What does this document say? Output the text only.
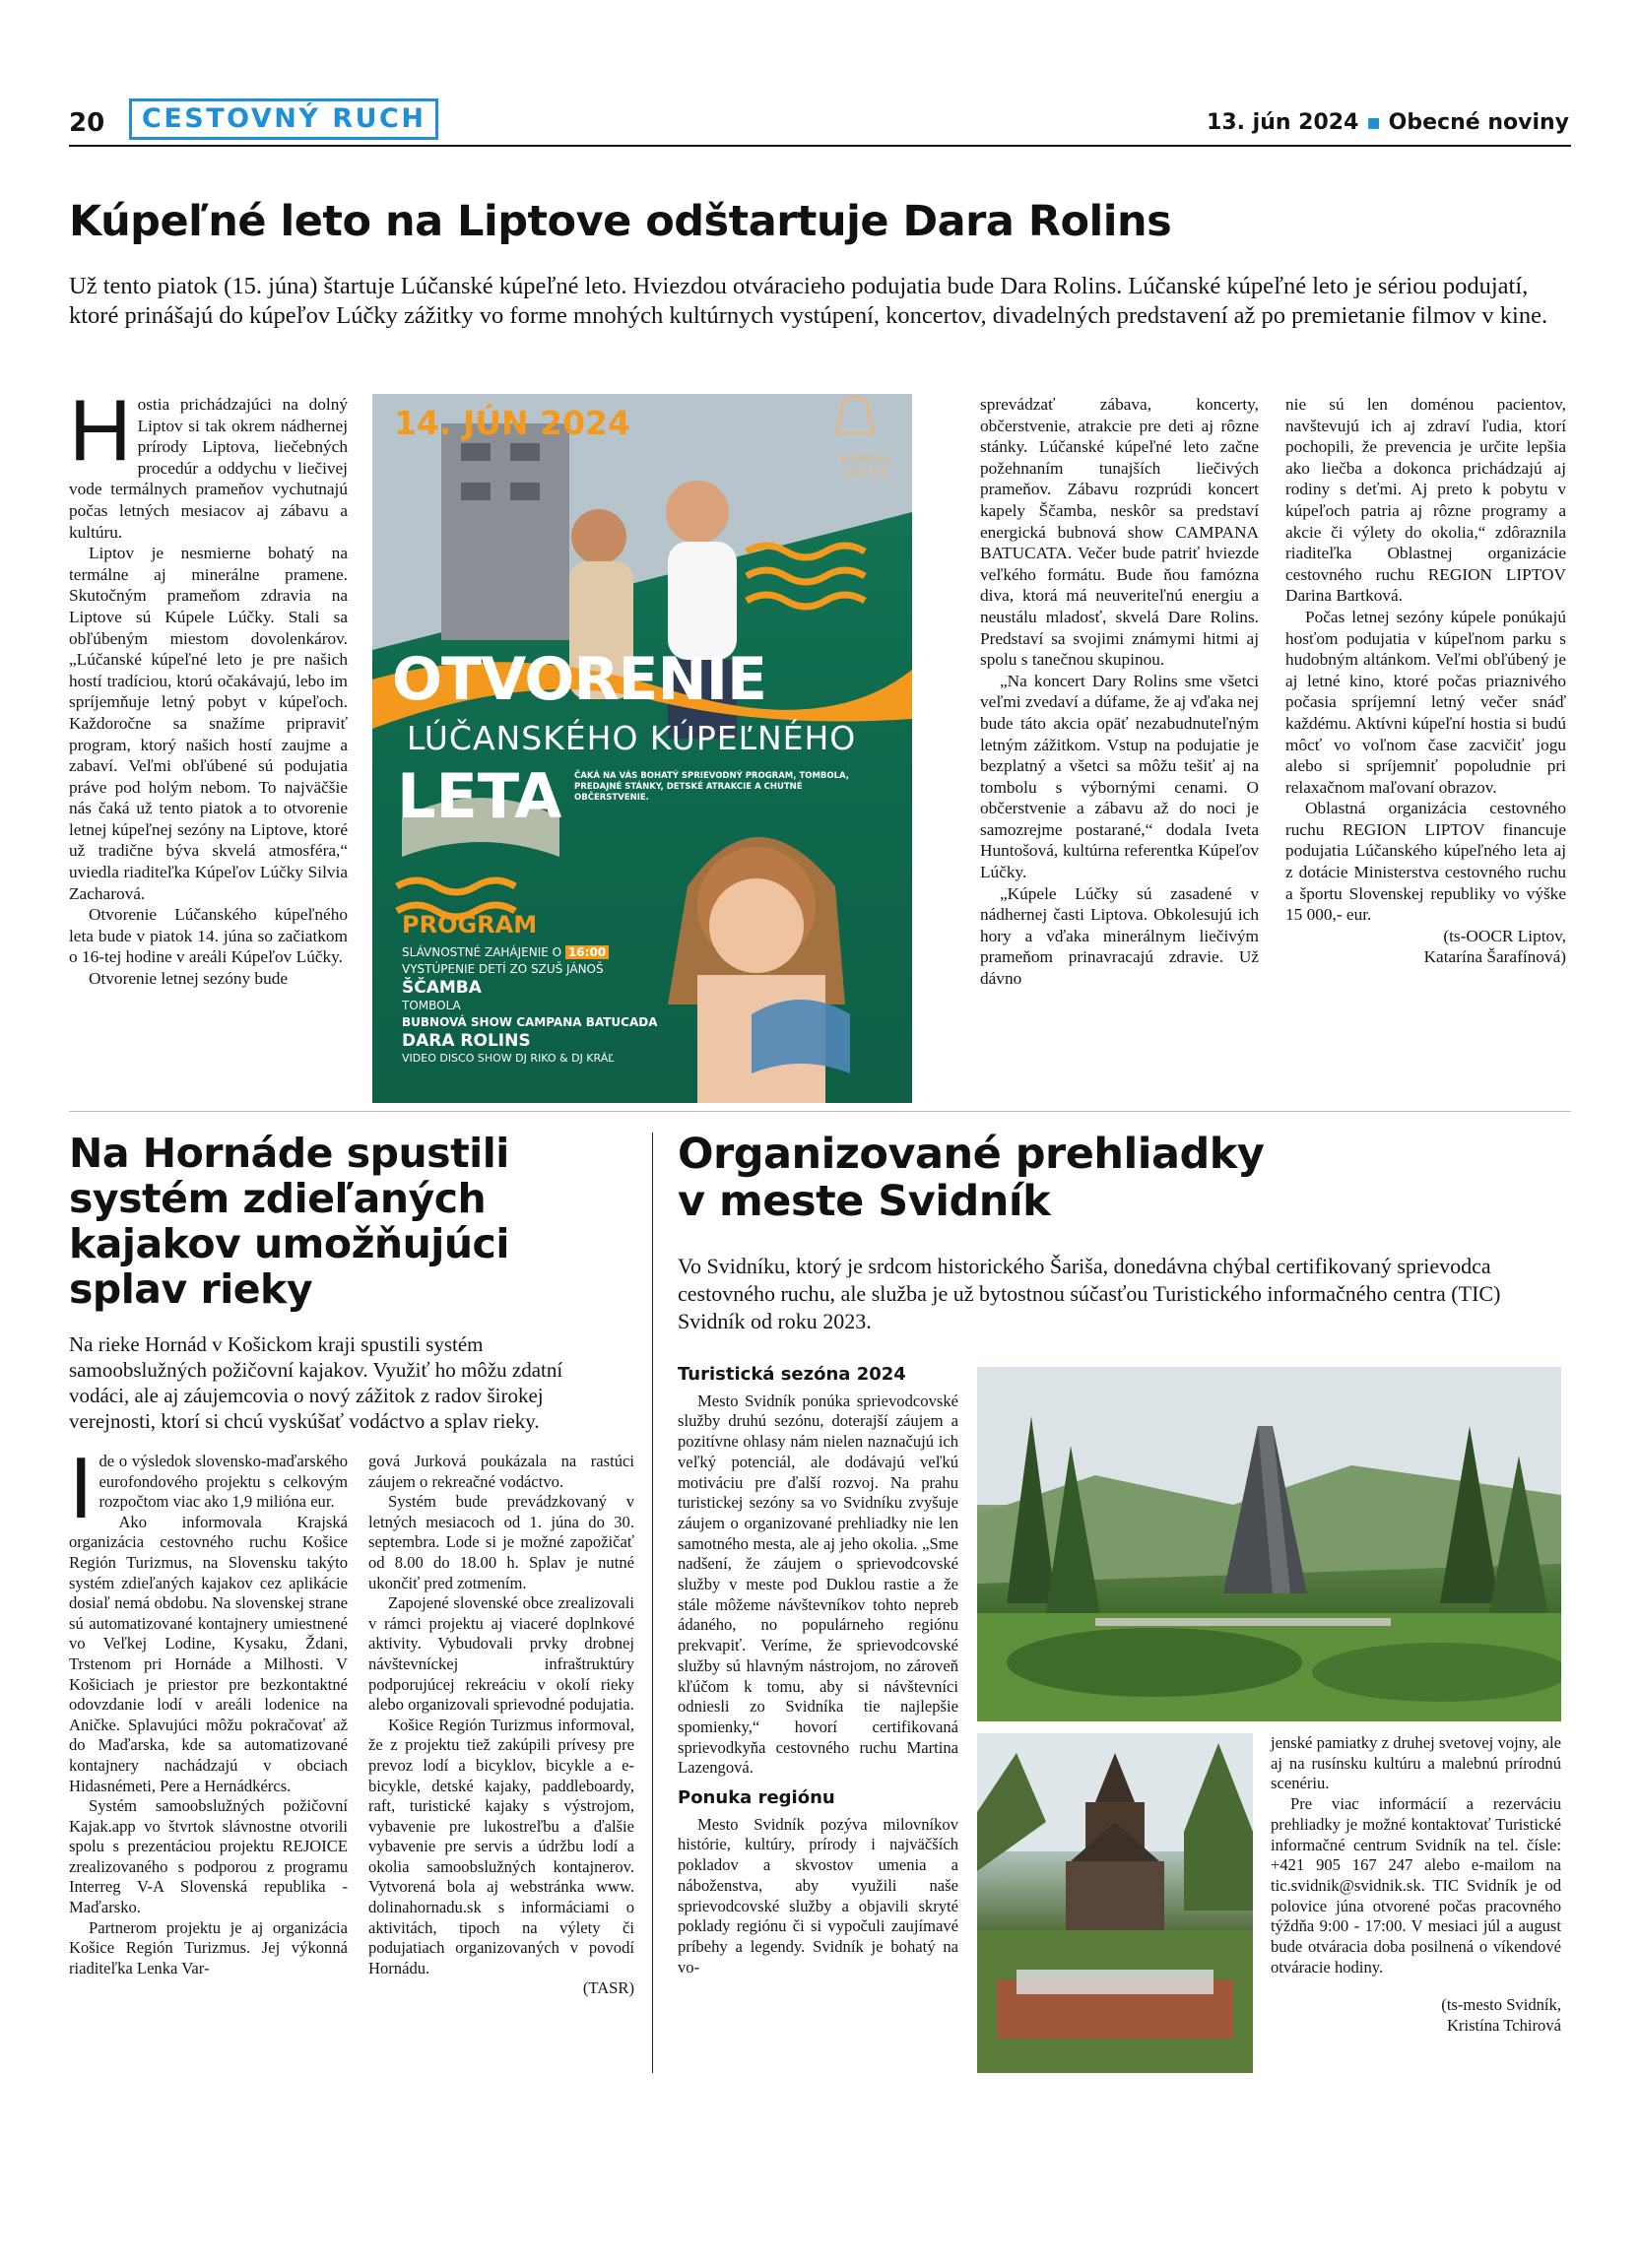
20	CESTOVNÝ RUCH	13. jún 2024 ▪ Obecné noviny
Kúpeľné leto na Liptove odštartuje Dara Rolins
Už tento piatok (15. júna) štartuje Lúčanské kúpeľné leto. Hviezdou otváracieho podujatia bude Dara Rolins. Lúčanské kúpeľné leto je sériou podujatí, ktoré prinášajú do kúpeľov Lúčky zážitky vo forme mnohých kultúrnych vystúpení, koncertov, divadelných predstavení až po premietanie filmov v kine.

Hostia prichádzajúci na dolný Liptov si tak okrem nádhernej prírody Liptova, liečebných procedúr a oddychu v liečivej vode termálnych prameňov vychutnajú počas letných mesiacov aj zábavu a kultúru.

Liptov je nesmierne bohatý na termálne aj minerálne pramene. Skutočným prameňom zdravia na Liptove sú Kúpele Lúčky. Stali sa obľúbeným miestom dovolenkárov. „Lúčanské kúpeľné leto je pre našich hostí tradíciou, ktorú očakávajú, lebo im spríjemňuje letný pobyt v kúpeľoch. Každoročne sa snažíme pripraviť program, ktorý našich hostí zaujme a zabaví. Veľmi obľúbené sú podujatia práve pod holým nebom. To najväčšie nás čaká už tento piatok a to otvorenie letnej kúpeľnej sezóny na Liptove, ktoré už tradične býva skvelá atmosféra,“ uviedla riaditeľka Kúpeľov Lúčky Silvia Zacharová.

Otvorenie Lúčanského kúpeľného leta bude v piatok 14. júna so začiatkom o 16-tej hodine v areáli Kúpeľov Lúčky.

Otvorenie letnej sezóny bude

14. JÚN 2024
KÚPELE LÚČKY
OTVORENIE
LÚČANSKÉHO KÚPEĽNÉHO
LETA ČAKÁ NA VÁS BOHATÝ SPRIEVODNÝ PROGRAM, TOMBOLA, PREDAJNÉ STÁNKY, DETSKÉ ATRAKCIE A CHUTNÉ OBČERSTVENIE.
PROGRAM
SLÁVNOSTNÉ ZAHÁJENIE O 16:00
VYSTÚPENIE DETÍ ZO SZUŠ JÁNOŠ
ŠČAMBA
TOMBOLA
BUBNOVÁ SHOW CAMPANA BATUCADA
DARA ROLINS
VIDEO DISCO SHOW DJ RIKO & DJ KRÁĽ

sprevádzať zábava, koncerty, občerstvenie, atrakcie pre deti aj rôzne stánky. Lúčanské kúpeľné leto začne požehnaním tunajších liečivých prameňov. Zábavu rozprúdi koncert kapely Ščamba, neskôr sa predstaví energická bubnová show CAMPANA BATUCATA. Večer bude patriť hviezde veľkého formátu. Bude ňou famózna diva, ktorá má neuveriteľnú energiu a neustálu mladosť, skvelá Dare Rolins. Predstaví sa svojimi známymi hitmi aj spolu s tanečnou skupinou.

„Na koncert Dary Rolins sme všetci veľmi zvedaví a dúfame, že aj vďaka nej bude táto akcia opäť nezabudnuteľným letným zážitkom. Vstup na podujatie je bezplatný a všetci sa môžu tešiť aj na tombolu s výbornými cenami. O občerstvenie a zábavu až do noci je samozrejme postarané,“ dodala Iveta Huntošová, kultúrna referentka Kúpeľov Lúčky.

„Kúpele Lúčky sú zasadené v nádhernej časti Liptova. Obkolesujú ich hory a vďaka minerálnym liečivým prameňom prinavracajú zdravie. Už dávno

nie sú len doménou pacientov, navštevujú ich aj zdraví ľudia, ktorí pochopili, že prevencia je určite lepšia ako liečba a dokonca prichádzajú aj rodiny s deťmi. Aj preto k pobytu v kúpeľoch patria aj rôzne programy a akcie či výlety do okolia,“ zdôraznila riaditeľka Oblastnej organizácie cestovného ruchu REGION LIPTOV Darina Bartková.

Počas letnej sezóny kúpele ponúkajú hosťom podujatia v kúpeľnom parku s hudobným altánkom. Veľmi obľúbený je aj letné kino, ktoré počas priaznivého počasia spríjemní letný večer snáď každému. Aktívni kúpeľní hostia si budú môcť vo voľnom čase zacvičiť jogu alebo si spríjemniť popoludnie pri relaxačnom maľovaní obrazov.

Oblastná organizácia cestovného ruchu REGION LIPTOV financuje podujatia Lúčanského kúpeľného leta aj z dotácie Ministerstva cestovného ruchu a športu Slovenskej republiky vo výške 15 000,- eur.

(ts-OOCR Liptov,

Katarína Šarafínová)

Na Hornáde spustili systém zdieľaných kajakov umožňujúci splav rieky
Na rieke Hornád v Košickom kraji spustili systém samoobslužných požičovní kajakov. Využiť ho môžu zdatní vodáci, ale aj záujemcovia o nový zážitok z radov širokej verejnosti, ktorí si chcú vyskúšať vodáctvo a splav rieky.

Ide o výsledok slovensko-maďarského eurofondového projektu s celkovým rozpočtom viac ako 1,9 milióna eur.

Ako informovala Krajská organizácia cestovného ruchu Košice Región Turizmus, na Slovensku takýto systém zdieľaných kajakov cez aplikácie dosiaľ nemá obdobu. Na slovenskej strane sú automatizované kontajnery umiestnené vo Veľkej Lodine, Kysaku, Ždani, Trstenom pri Hornáde a Milhosti. V Košiciach je priestor pre bezkontaktné odovzdanie lodí v areáli lodenice na Aničke. Splavujúci môžu pokračovať až do Maďarska, kde sa automatizované kontajnery nachádzajú v obciach Hidasnémeti, Pere a Hernádkércs.

Systém samoobslužných požičovní Kajak.app vo štvrtok slávnostne otvorili spolu s prezentáciou projektu REJOICE zrealizovaného s podporou z programu Interreg V-A Slovenská republika - Maďarsko.

Partnerom projektu je aj organizácia Košice Región Turizmus. Jej výkonná riaditeľka Lenka Var-

gová Jurková poukázala na rastúci záujem o rekreačné vodáctvo.

Systém bude prevádzkovaný v letných mesiacoch od 1. júna do 30. septembra. Lode si je možné zapožičať od 8.00 do 18.00 h. Splav je nutné ukončiť pred zotmením.

Zapojené slovenské obce zrealizovali v rámci projektu aj viaceré doplnkové aktivity. Vybudovali prvky drobnej návštevníckej infraštruktúry podporujúcej rekreáciu v okolí rieky alebo organizovali sprievodné podujatia.

Košice Región Turizmus informoval, že z projektu tiež zakúpili prívesy pre prevoz lodí a bicyklov, bicykle a e-bicykle, detské kajaky, paddleboardy, raft, turistické kajaky s výstrojom, vybavenie pre lukostreľbu a ďalšie vybavenie pre servis a údržbu lodí a okolia samoobslužných kontajnerov. Vytvorená bola aj webstránka www. dolinahornadu.sk s informáciami o aktivitách, tipoch na výlety či podujatiach organizovaných v povodí Hornádu.

(TASR)

Organizované prehliadky
v meste Svidník
Vo Svidníku, ktorý je srdcom historického Šariša, donedávna chýbal certifikovaný sprievodca cestovného ruchu, ale služba je už bytostnou súčasťou Turistického informačného centra (TIC) Svidník od roku 2023.
Turistická sezóna 2024

Mesto Svidník ponúka sprievodcovské služby druhú sezónu, doterajší záujem a pozitívne ohlasy nám nielen naznačujú ich veľký potenciál, ale dodávajú veľkú motiváciu pre ďalší rozvoj. Na prahu turistickej sezóny sa vo Svidníku zvyšuje záujem o organizované prehliadky nie len samotného mesta, ale aj jeho okolia. „Sme nadšení, že záujem o sprievodcovské služby v meste pod Duklou rastie a že stále môžeme návštevníkov tohto nepreb ádaného, no populárneho regiónu prekvapiť. Veríme, že sprievodcovské služby sú hlavným nástrojom, no zároveň kľúčom k tomu, aby si návštevníci odniesli zo Svidníka tie najlepšie spomienky,“ hovorí certifikovaná sprievodkyňa cestovného ruchu Martina Lazengová.

Ponuka regiónu

Mesto Svidník pozýva milovníkov histórie, kultúry, prírody i najväčších pokladov a skvostov umenia a náboženstva, aby využili naše sprievodcovské služby a objavili skryté poklady regiónu či si vypočuli zaujímavé príbehy a legendy. Svidník je bohatý na vo-

jenské pamiatky z druhej svetovej vojny, ale aj na rusínsku kultúru a malebnú prírodnú scenériu.

Pre viac informácií a rezerváciu prehliadky je možné kontaktovať Turistické informačné centrum Svidník na tel. čísle: +421 905 167 247 alebo e-mailom na tic.svidnik@svidnik.sk. TIC Svidník je od polovice júna otvorené počas pracovného týždňa 9:00 - 17:00. V mesiaci júl a august bude otváracia doba posilnená o víkendové otváracie hodiny.

(ts-mesto Svidník,

Kristína Tchirová
